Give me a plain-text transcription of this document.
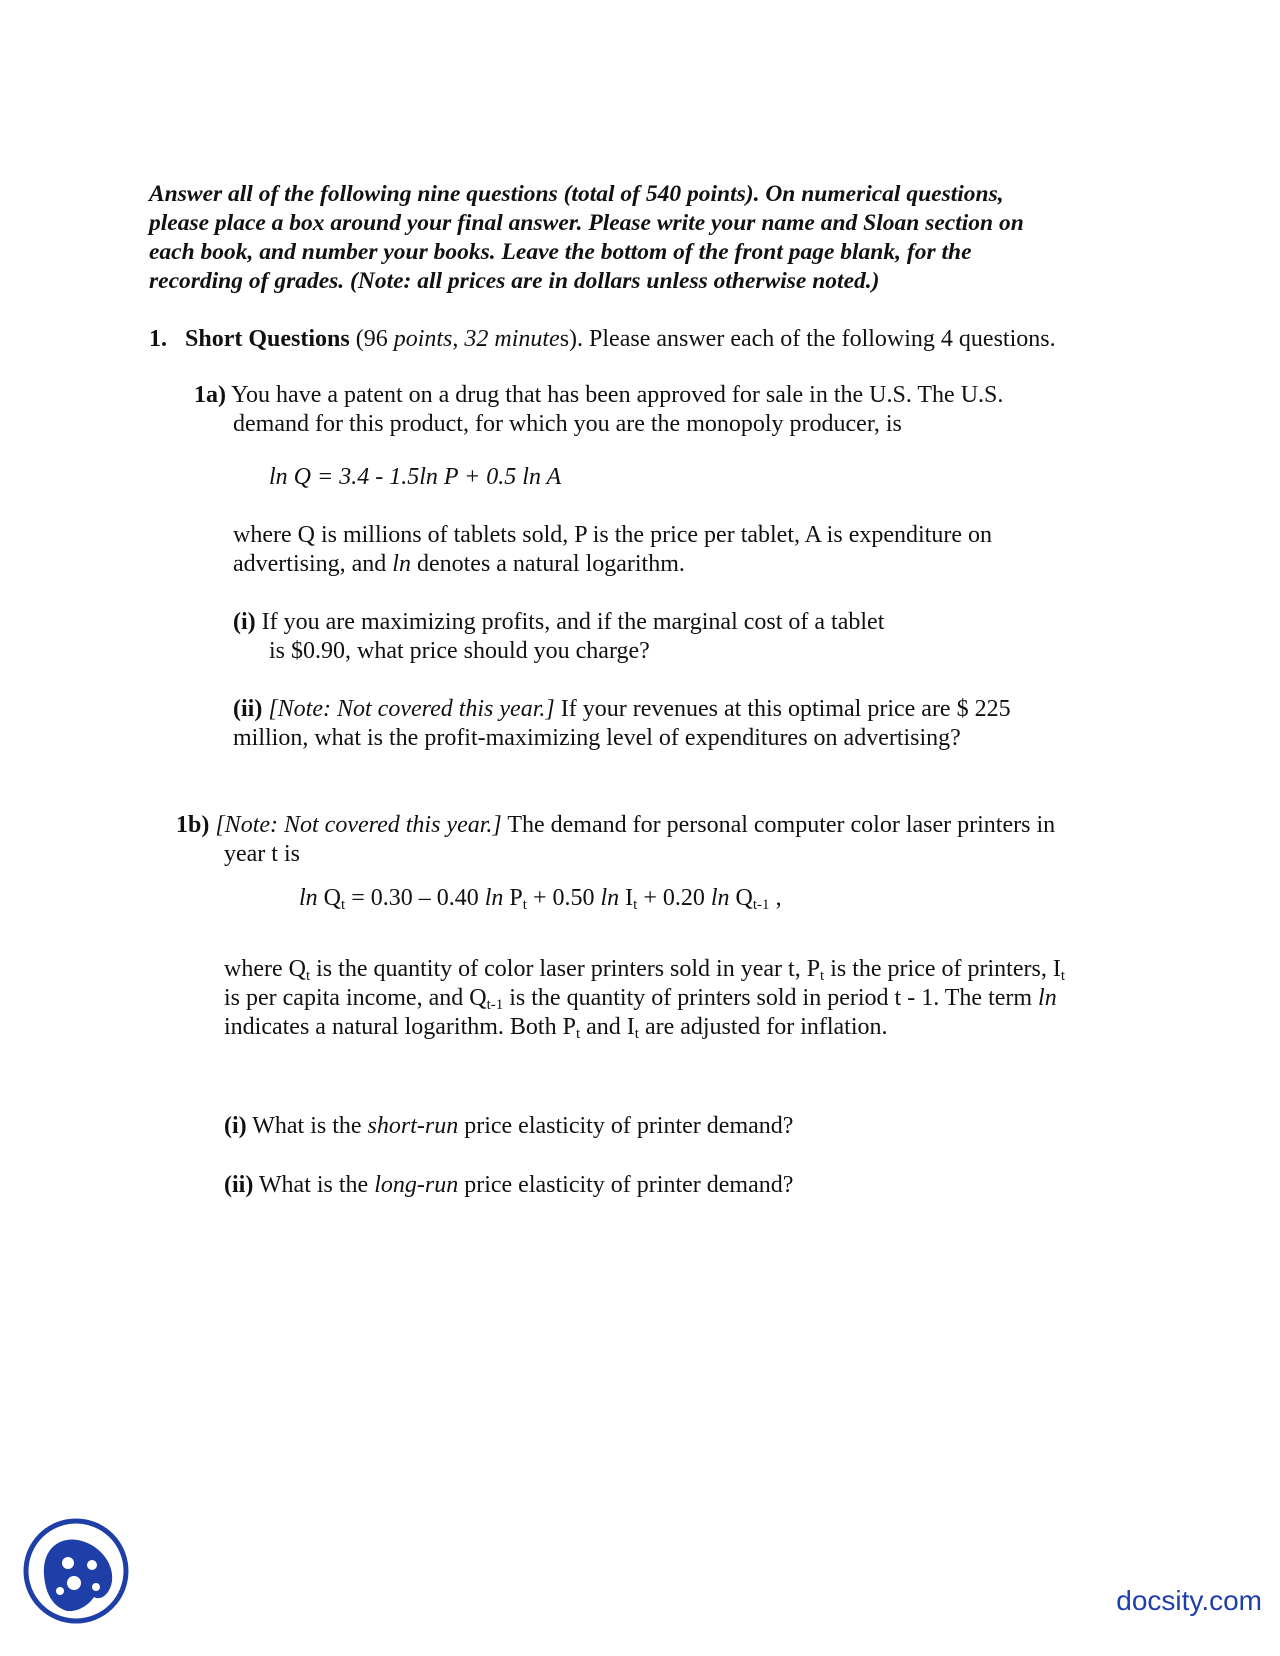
Answer all of the following nine questions (total of 540 points). On numerical questions,
please place a box around your final answer. Please write your name and Sloan section on
each book, and number your books. Leave the bottom of the front page blank, for the
recording of grades. (Note: all prices are in dollars unless otherwise noted.)
1. Short Questions (96 points, 32 minutes). Please answer each of the following 4 questions.
1a) You have a patent on a drug that has been approved for sale in the U.S. The U.S.
demand for this product, for which you are the monopoly producer, is
ln Q = 3.4 - 1.5ln P + 0.5 ln A
where Q is millions of tablets sold, P is the price per tablet, A is expenditure on
advertising, and ln denotes a natural logarithm.
(i) If you are maximizing profits, and if the marginal cost of a tablet
is $0.90, what price should you charge?
(ii) [Note: Not covered this year.] If your revenues at this optimal price are $ 225
million, what is the profit-maximizing level of expenditures on advertising?
1b) [Note: Not covered this year.] The demand for personal computer color laser printers in
year t is
$\ln Q_t = 0.30 - 0.40$ $\ln P_t + 0.50$ $\ln I_t + 0.20$ $\ln Q_{t-1}$ ,
where $Q_t$ is the quantity of color laser printers sold in year t, $P_t$ is the price of printers, $I_t$
is per capita income, and $Q_{t-1}$ is the quantity of printers sold in period t - 1. The term ln
indicates a natural logarithm. Both $P_t$ and $I_t$ are adjusted for inflation.
(i) What is the short-run price elasticity of printer demand?
(ii) What is the long-run price elasticity of printer demand?
docsity.com
